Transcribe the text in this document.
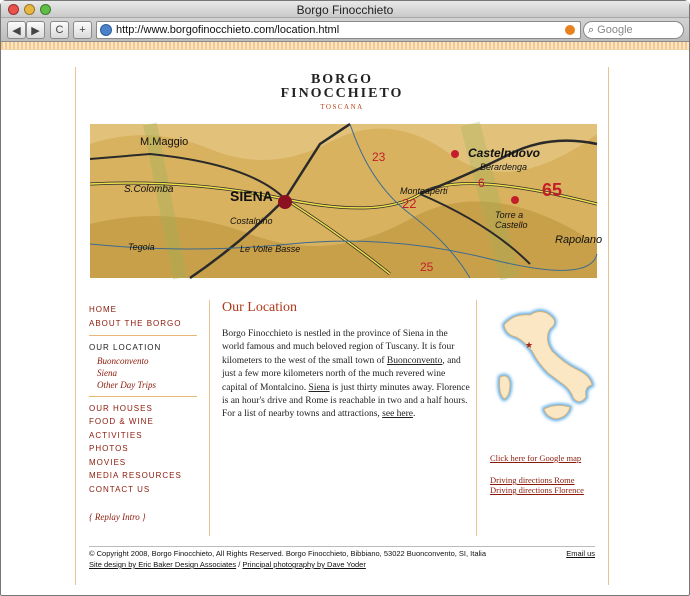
Borgo Finocchieto
◀ ▶	C	+	http://www.borgofinocchieto.com/location.html	⌕ Google
BORGO
FINOCCHIETO
TOSCANA
M.Maggio
S.Colomba	SIENA
Castelnuovo
Berardenga
Monteaperti
Torre a Castello
Le Volte Basse
Costalpino
Tegoia
Rapolano
22
23
25
65
6
HOME
ABOUT THE BORGO
OUR LOCATION
Buonconvento
Siena
Other Day Trips
OUR HOUSES
FOOD & WINE
ACTIVITIES
PHOTOS
MOVIES
MEDIA RESOURCES
CONTACT US
{ Replay Intro }
Our Location

Borgo Finocchieto is nestled in the province of Siena in the world famous and much beloved region of Tuscany. It is four kilometers to the west of the small town of Buonconvento, and just a few more kilometers north of the much revered wine capital of Montalcino. Siena is just thirty minutes away. Florence is an hour's drive and Rome is reachable in two and a half hours. For a list of nearby towns and attractions, see here.

★
Click here for Google map
Driving directions Rome
Driving directions Florence
© Copyright 2008, Borgo Finocchieto, All Rights Reserved. Borgo Finocchieto, Bibbiano, 53022 Buonconvento, SI, Italia	Email us
Site design by Eric Baker Design Associates / Principal photography by Dave Yoder
